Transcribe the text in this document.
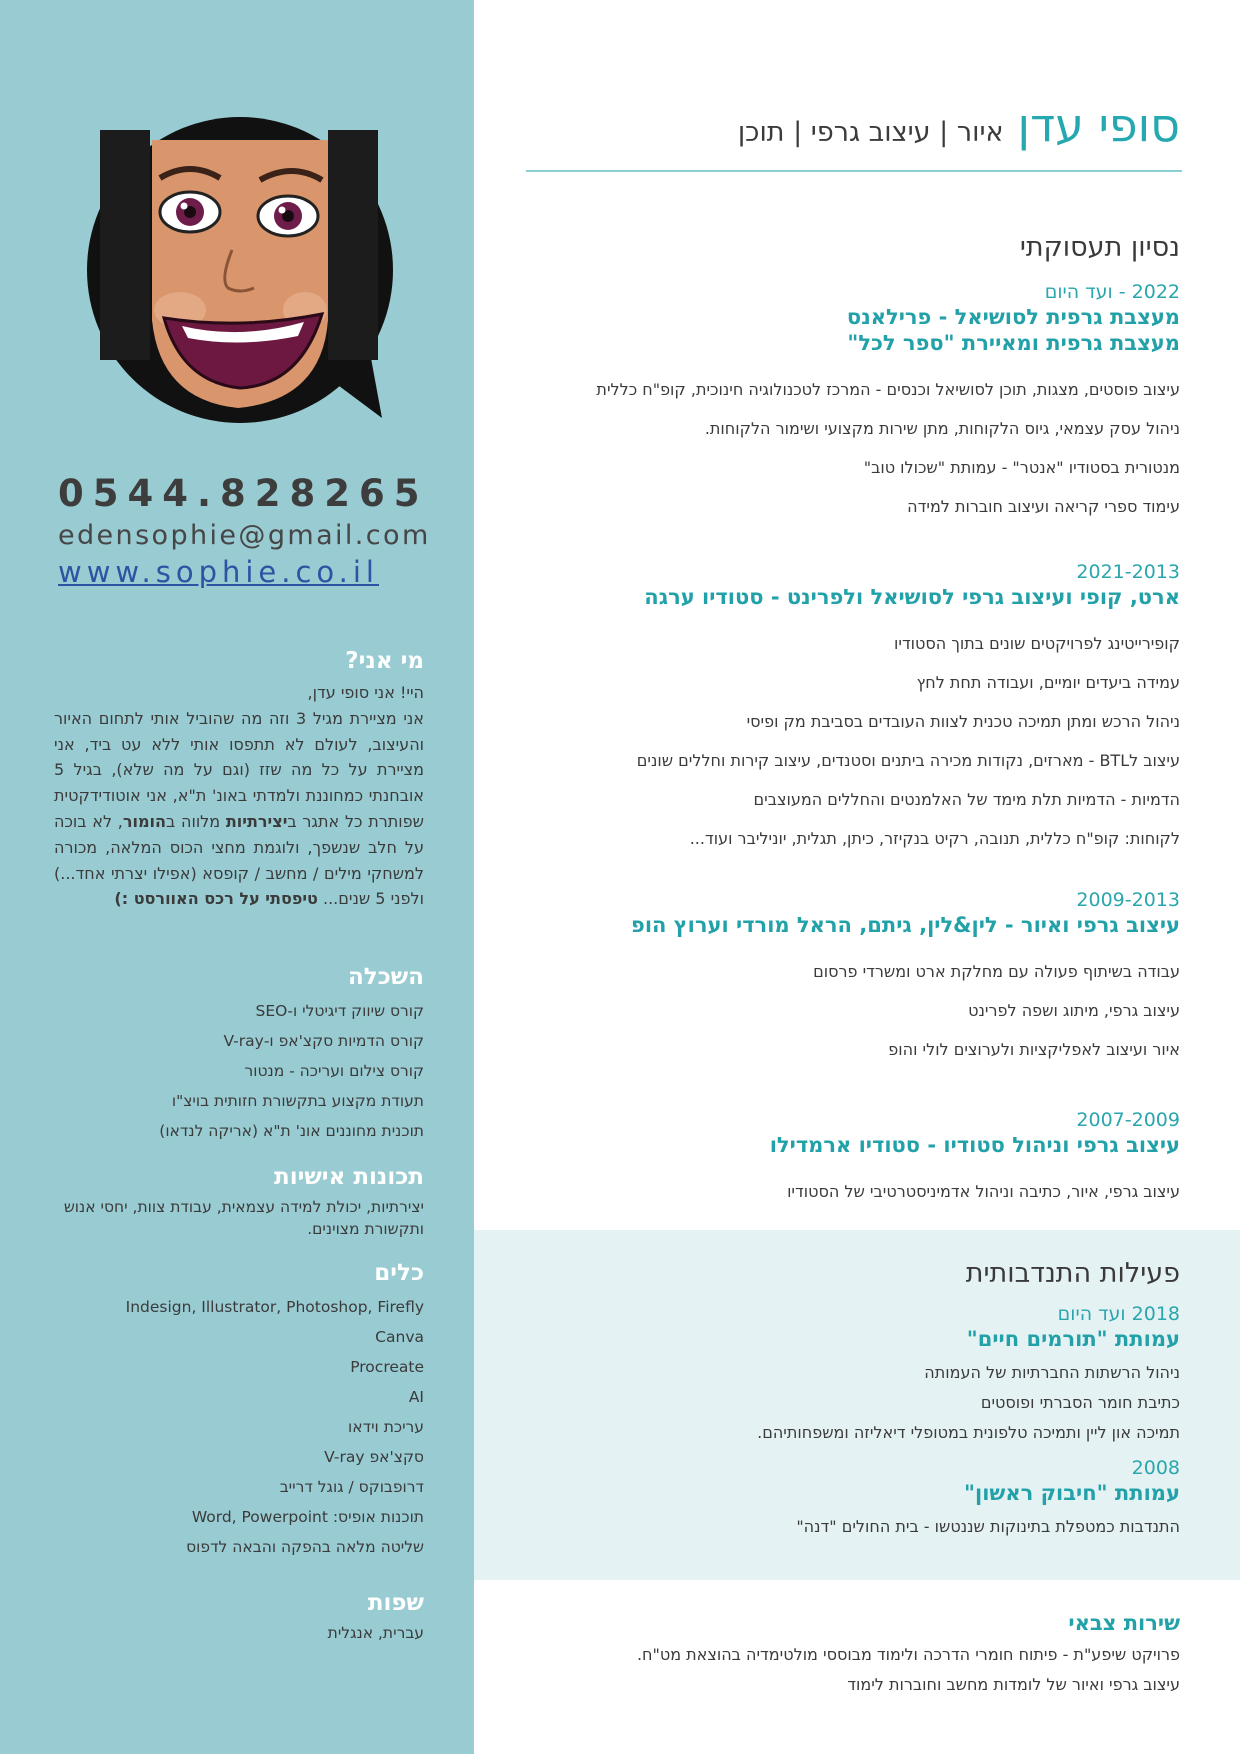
0544.828265
edensophie@gmail.com
www.sophie.co.il
מי אני?
היי! אני סופי עדן,
אני מציירת מגיל 3 וזה מה שהוביל אותי לתחום האיור והעיצוב, לעולם לא תתפסו אותי ללא עט ביד, אני מציירת על כל מה שזז (וגם על מה שלא), בגיל 5 אובחנתי כמחוננת ולמדתי באונ' ת"א, אני אוטודידקטית שפותרת כל אתגר ביצירתיות מלווה בהומור, לא בוכה על חלב שנשפך, ולוגמת מחצי הכוס המלאה, מכורה למשחקי מילים / מחשב / קופסא (אפילו יצרתי אחד...) ולפני 5 שנים... טיפסתי על רכס האוורסט :)
השכלה
קורס שיווק דיגיטלי ו-SEO
קורס הדמיות סקצ'אפ ו-V-ray
קורס צילום ועריכה - מנטור
תעודת מקצוע בתקשורת חזותית בויצ"ו
תוכנית מחוננים אונ' ת"א (אריקה לנדאו)
תכונות אישיות
יצירתיות, יכולת למידה עצמאית, עבודת צוות, יחסי אנוש ותקשורת מצוינים.
כלים
Indesign, Illustrator, Photoshop, Firefly
Canva
Procreate
AI
עריכת וידאו
סקצ'אפ V-ray
דרופבוקס / גוגל דרייב
תוכנות אופיס: Word, Powerpoint
שליטה מלאה בהפקה והבאה לדפוס
שפות
עברית, אנגלית
סופי עדןאיור | עיצוב גרפי | תוכן
נסיון תעסוקתי
2022 - ועד היום
מעצבת גרפית לסושיאל - פרילאנס
מעצבת גרפית ומאיירת "ספר לכל"
עיצוב פוסטים, מצגות, תוכן לסושיאל וכנסים - המרכז לטכנולוגיה חינוכית, קופ"ח כללית
ניהול עסק עצמאי, גיוס הלקוחות, מתן שירות מקצועי ושימור הלקוחות.
מנטורית בסטודיו "אנטר" - עמותת "שכולו טוב"
עימוד ספרי קריאה ועיצוב חוברות למידה
2021-2013
ארט, קופי ועיצוב גרפי לסושיאל ולפרינט - סטודיו ערגה
קופירייטינג לפרויקטים שונים בתוך הסטודיו
עמידה ביעדים יומיים, ועבודה תחת לחץ
ניהול הרכש ומתן תמיכה טכנית לצוות העובדים בסביבת מק ופיסי
עיצוב לBTL - מארזים, נקודות מכירה ביתנים וסטנדים, עיצוב קירות וחללים שונים
הדמיות - הדמיות תלת מימד של האלמנטים והחללים המעוצבים
לקוחות: קופ"ח כללית, תנובה, רקיט בנקיזר, כיתן, תגלית, יוניליבר ועוד...
2009-2013
עיצוב גרפי ואיור - לין&לין, גיתם, הראל מורדי וערוץ הופ
עבודה בשיתוף פעולה עם מחלקת ארט ומשרדי פרסום
עיצוב גרפי, מיתוג ושפה לפרינט
איור ועיצוב לאפליקציות ולערוצים לולי והופ
2007-2009
עיצוב גרפי וניהול סטודיו - סטודיו ארמדילו
עיצוב גרפי, איור, כתיבה וניהול אדמיניסטרטיבי של הסטודיו
פעילות התנדבותית
2018 ועד היום
עמותת "תורמים חיים"
ניהול הרשתות החברתיות של העמותה
כתיבת חומר הסברתי ופוסטים
תמיכה און ליין ותמיכה טלפונית במטופלי דיאליזה ומשפחותיהם.
2008
עמותת "חיבוק ראשון"
התנדבות כמטפלת בתינוקות שננטשו - בית החולים "דנה"
שירות צבאי
פרויקט שיפע"ת - פיתוח חומרי הדרכה ולימוד מבוססי מולטימדיה בהוצאת מט"ח.
עיצוב גרפי ואיור של לומדות מחשב וחוברות לימוד
